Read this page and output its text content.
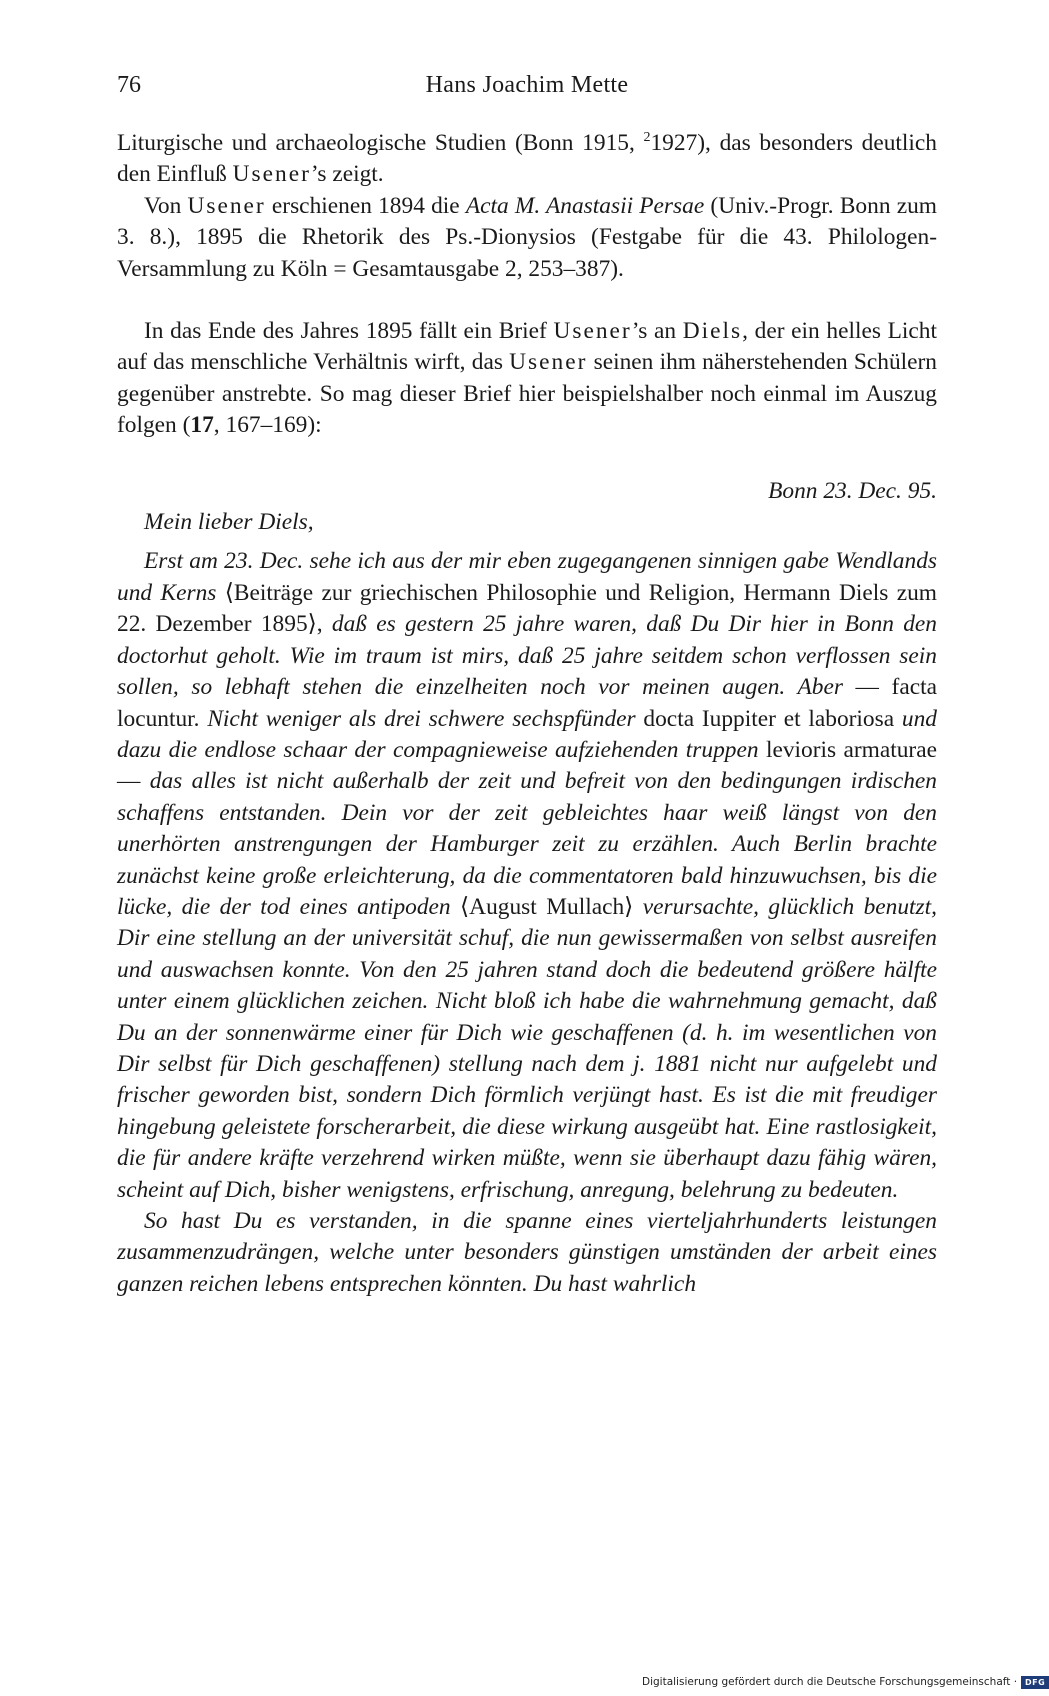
76	Hans Joachim Mette

Liturgische und archaeologische Studien (Bonn 1915, $^2$1927), das besonders deutlich den Einfluß Usener’s zeigt.

Von Usener erschienen 1894 die Acta M. Anastasii Persae (Univ.-Progr. Bonn zum 3. 8.), 1895 die Rhetorik des Ps.-Dionysios (Festgabe für die 43. Philologen-Versammlung zu Köln = Gesamtausgabe 2, 253–387).

In das Ende des Jahres 1895 fällt ein Brief Usener’s an Diels, der ein helles Licht auf das menschliche Verhältnis wirft, das Usener seinen ihm näherstehenden Schülern gegenüber anstrebte. So mag dieser Brief hier beispielshalber noch einmal im Auszug folgen (17, 167–169):

Bonn 23. Dec. 95.

Mein lieber Diels,

Erst am 23. Dec. sehe ich aus der mir eben zugegangenen sinnigen gabe Wendlands und Kerns ⟨Beiträge zur griechischen Philosophie und Religion, Hermann Diels zum 22. Dezember 1895⟩, daß es gestern 25 jahre waren, daß Du Dir hier in Bonn den doctorhut geholt. Wie im traum ist mirs, daß 25 jahre seitdem schon verflossen sein sollen, so lebhaft stehen die einzelheiten noch vor meinen augen. Aber — facta locuntur. Nicht weniger als drei schwere sechspfünder docta Iuppiter et laboriosa und dazu die endlose schaar der compagnieweise aufziehenden truppen levioris armaturae — das alles ist nicht außerhalb der zeit und befreit von den bedingungen irdischen schaffens entstanden. Dein vor der zeit gebleichtes haar weiß längst von den unerhörten anstrengungen der Hamburger zeit zu erzählen. Auch Berlin brachte zunächst keine große erleichterung, da die commentatoren bald hinzuwuchsen, bis die lücke, die der tod eines antipoden ⟨August Mullach⟩ verursachte, glücklich benutzt, Dir eine stellung an der universität schuf, die nun gewissermaßen von selbst ausreifen und auswachsen konnte. Von den 25 jahren stand doch die bedeutend größere hälfte unter einem glücklichen zeichen. Nicht bloß ich habe die wahrnehmung gemacht, daß Du an der sonnenwärme einer für Dich wie geschaffenen (d. h. im wesentlichen von Dir selbst für Dich geschaffenen) stellung nach dem j. 1881 nicht nur aufgelebt und frischer geworden bist, sondern Dich förmlich verjüngt hast. Es ist die mit freudiger hingebung geleistete forscherarbeit, die diese wirkung ausgeübt hat. Eine rastlosigkeit, die für andere kräfte verzehrend wirken müßte, wenn sie überhaupt dazu fähig wären, scheint auf Dich, bisher wenigstens, erfrischung, anregung, belehrung zu bedeuten.

So hast Du es verstanden, in die spanne eines vierteljahrhunderts leistungen zusammenzudrängen, welche unter besonders günstigen umständen der arbeit eines ganzen reichen lebens entsprechen könnten. Du hast wahrlich

Digitalisierung gefördert durch die Deutsche Forschungsgemeinschaft · DFG
